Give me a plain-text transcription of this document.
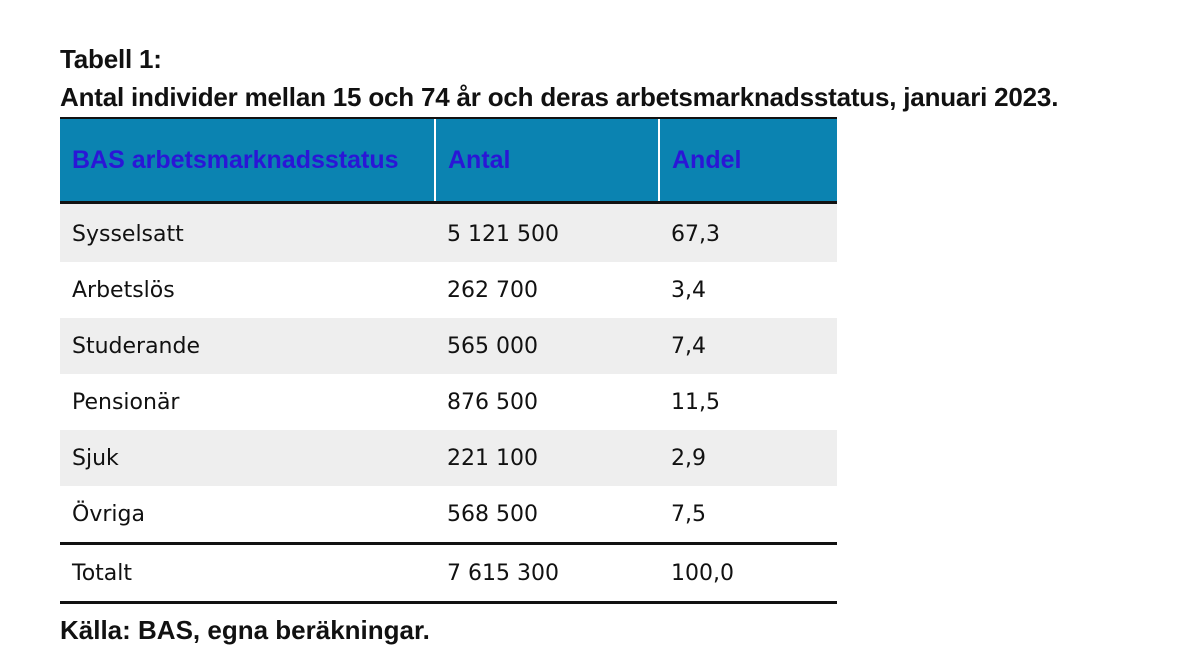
Tabell 1:
Antal individer mellan 15 och 74 år och deras arbetsmarknadsstatus, januari 2023.
BAS arbetsmarknadsstatus	Antal	Andel
Sysselsatt	5 121 500	67,3
Arbetslös	262 700	3,4
Studerande	565 000	7,4
Pensionär	876 500	11,5
Sjuk	221 100	2,9
Övriga	568 500	7,5
Totalt	7 615 300	100,0
Källa: BAS, egna beräkningar.
